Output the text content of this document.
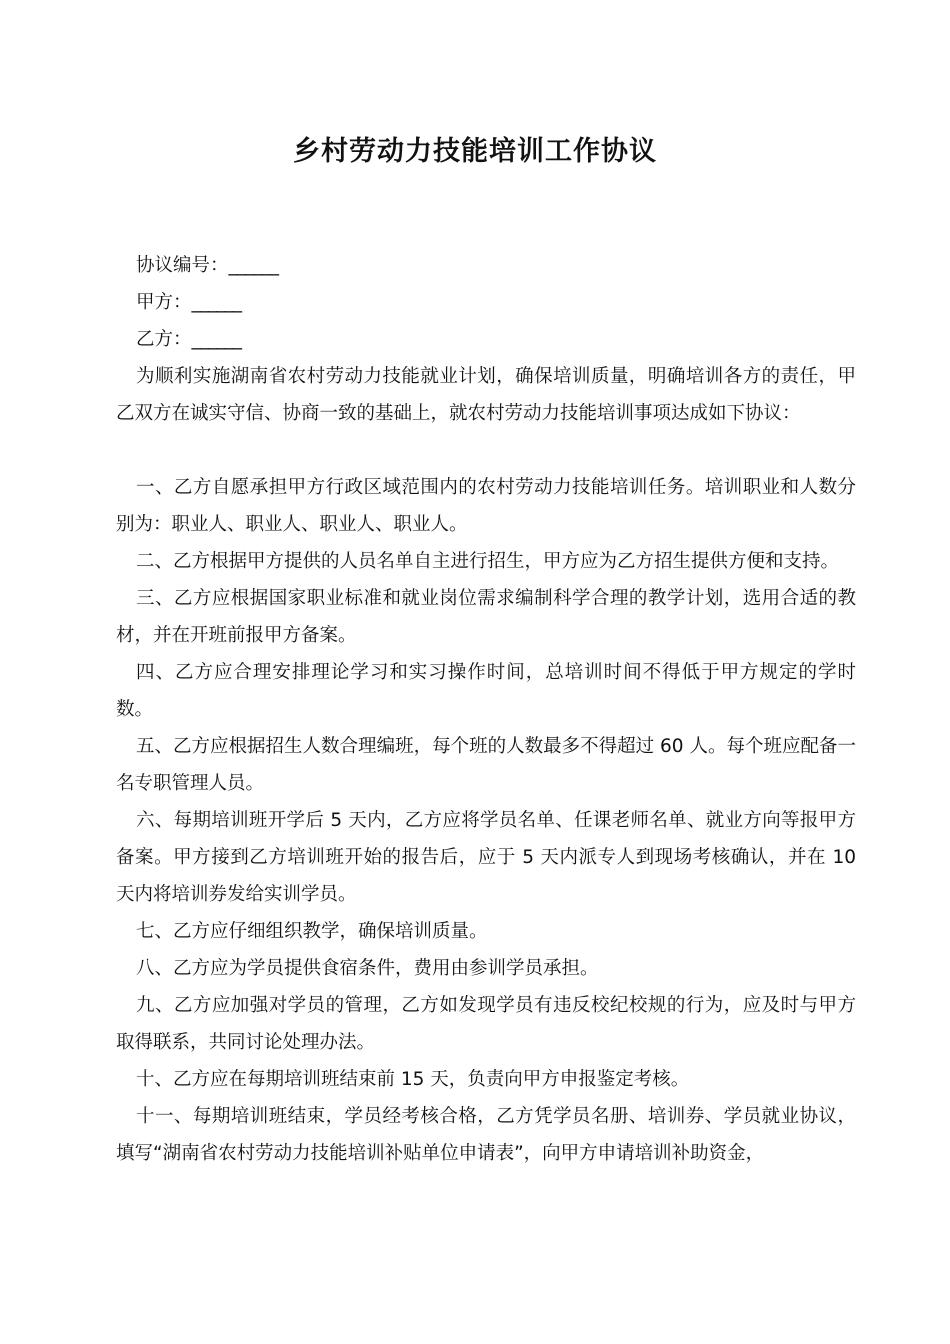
乡村劳动力技能培训工作协议

协议编号：______

甲方：______

乙方：______

为顺利实施湖南省农村劳动力技能就业计划，确保培训质量，明确培训各方的责任，甲乙双方在诚实守信、协商一致的基础上，就农村劳动力技能培训事项达成如下协议：

一、乙方自愿承担甲方行政区域范围内的农村劳动力技能培训任务。培训职业和人数分别为：职业人、职业人、职业人、职业人。

二、乙方根据甲方提供的人员名单自主进行招生，甲方应为乙方招生提供方便和支持。

三、乙方应根据国家职业标准和就业岗位需求编制科学合理的教学计划，选用合适的教材，并在开班前报甲方备案。

四、乙方应合理安排理论学习和实习操作时间，总培训时间不得低于甲方规定的学时数。

五、乙方应根据招生人数合理编班，每个班的人数最多不得超过 60 人。每个班应配备一名专职管理人员。

六、每期培训班开学后 5 天内，乙方应将学员名单、任课老师名单、就业方向等报甲方备案。甲方接到乙方培训班开始的报告后，应于 5 天内派专人到现场考核确认，并在 10 天内将培训券发给实训学员。

七、乙方应仔细组织教学，确保培训质量。

八、乙方应为学员提供食宿条件，费用由参训学员承担。

九、乙方应加强对学员的管理，乙方如发现学员有违反校纪校规的行为，应及时与甲方取得联系，共同讨论处理办法。

十、乙方应在每期培训班结束前 15 天，负责向甲方申报鉴定考核。

十一、每期培训班结束，学员经考核合格，乙方凭学员名册、培训券、学员就业协议，填写“湖南省农村劳动力技能培训补贴单位申请表”，向甲方申请培训补助资金，
